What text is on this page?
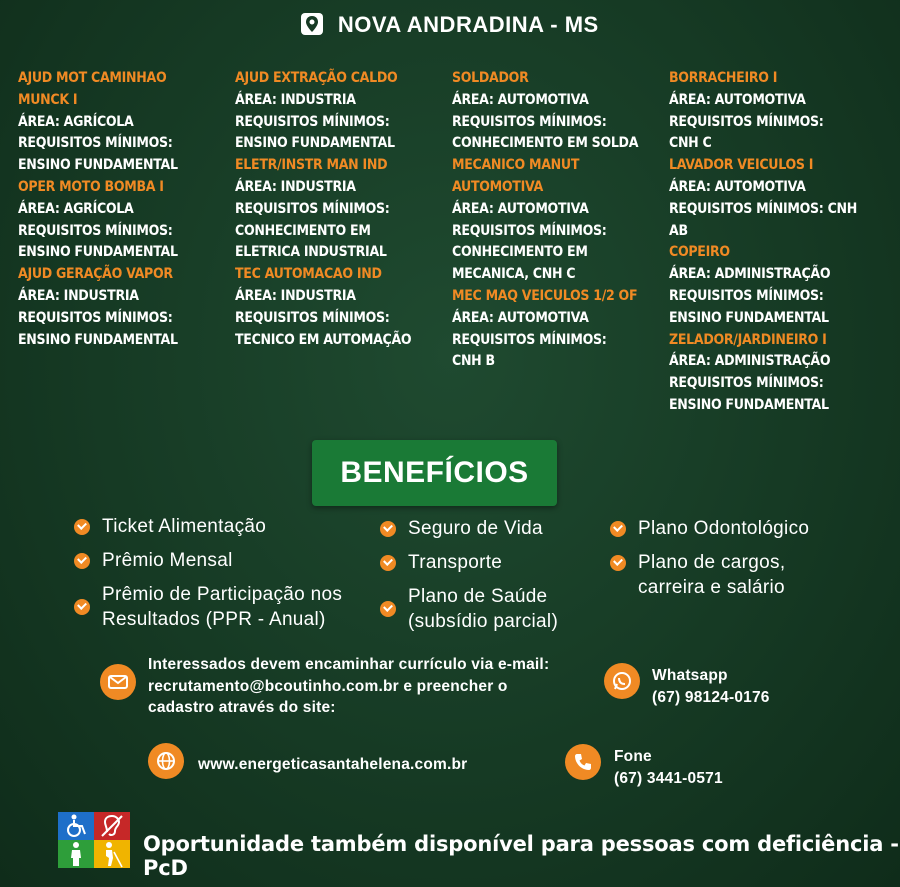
NOVA ANDRADINA - MS
AJUD MOT CAMINHAO
MUNCK I
ÁREA: AGRÍCOLA
REQUISITOS MÍNIMOS:
ENSINO FUNDAMENTAL
OPER MOTO BOMBA I
ÁREA: AGRÍCOLA
REQUISITOS MÍNIMOS:
ENSINO FUNDAMENTAL
AJUD GERAÇÃO VAPOR
ÁREA: INDUSTRIA
REQUISITOS MÍNIMOS:
ENSINO FUNDAMENTAL
AJUD EXTRAÇÃO CALDO
ÁREA: INDUSTRIA
REQUISITOS MÍNIMOS:
ENSINO FUNDAMENTAL
ELETR/INSTR MAN IND
ÁREA: INDUSTRIA
REQUISITOS MÍNIMOS:
CONHECIMENTO EM
ELETRICA INDUSTRIAL
TEC AUTOMACAO IND
ÁREA: INDUSTRIA
REQUISITOS MÍNIMOS:
TECNICO EM AUTOMAÇÃO
SOLDADOR
ÁREA: AUTOMOTIVA
REQUISITOS MÍNIMOS:
CONHECIMENTO EM SOLDA
MECANICO MANUT
AUTOMOTIVA
ÁREA: AUTOMOTIVA
REQUISITOS MÍNIMOS:
CONHECIMENTO EM
MECANICA, CNH C
MEC MAQ VEICULOS 1/2 OF
ÁREA: AUTOMOTIVA
REQUISITOS MÍNIMOS:
CNH B
BORRACHEIRO I
ÁREA: AUTOMOTIVA
REQUISITOS MÍNIMOS:
CNH C
LAVADOR VEICULOS I
ÁREA: AUTOMOTIVA
REQUISITOS MÍNIMOS: CNH
AB
COPEIRO
ÁREA: ADMINISTRAÇÃO
REQUISITOS MÍNIMOS:
ENSINO FUNDAMENTAL
ZELADOR/JARDINEIRO I
ÁREA: ADMINISTRAÇÃO
REQUISITOS MÍNIMOS:
ENSINO FUNDAMENTAL
BENEFÍCIOS
Ticket Alimentação
Prêmio Mensal
Prêmio de Participação nos
Resultados (PPR - Anual)
Seguro de Vida
Transporte
Plano de Saúde
(subsídio parcial)
Plano Odontológico
Plano de cargos,
carreira e salário
Interessados devem encaminhar currículo via e-mail:
recrutamento@bcoutinho.com.br e preencher o
cadastro através do site:
Whatsapp
(67) 98124-0176
www.energeticasantahelena.com.br	Fone
(67) 3441-0571
Oportunidade também disponível para pessoas com deficiência - PcD
